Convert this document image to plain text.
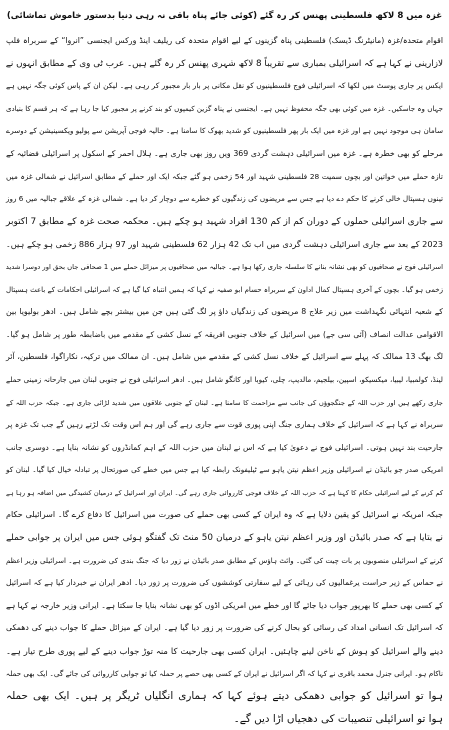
غزہ میں 8 لاکھ فلسطینی پھنس کر رہ گئے (کوئی جائے پناہ باقی نہ رہی دنیا بدستور خاموش تماشائی)
اقوام متحدہ/غزہ (مانیٹرنگ ڈیسک) فلسطینی پناہ گزینوں کے لیے اقوام متحدہ کی ریلیف اینڈ ورکس ایجنسی ”انروا“ کے سربراہ فلپ
لازارینی نے کہا ہے کہ اسرائیلی بمباری سے تقریباً 8 لاکھ شہری پھنس کر رہ گئے ہیں۔ عرب ٹی وی کے مطابق انہوں نے
ایکس پر جاری پوسٹ میں لکھا کہ اسرائیلی فوج فلسطینیوں کو نقل مکانی پر بار بار مجبور کر رہی ہے۔ لیکن ان کے پاس کوئی جگہ نہیں ہے
جہاں وہ جاسکیں۔ غزہ میں کوئی بھی جگہ محفوظ نہیں ہے۔ ایجنسی نے پناہ گزین کیمپوں کو بند کرنے پر مجبور کیا جا رہا ہے کہ ہر قسم کا بنیادی
سامان ہی موجود نہیں ہے اور غزہ میں ایک بار پھر فلسطینیوں کو شدید بھوک کا سامنا ہے۔ حالیہ فوجی آپریشن سے پولیو ویکسینیشن کے دوسرے
مرحلے کو بھی خطرہ ہے۔ غزہ میں اسرائیلی دہشت گردی 369 ویں روز بھی جاری ہے۔ ہلال احمر کے اسکول پر اسرائیلی فضائیہ کے
تازہ حملے میں خواتین اور بچوں سمیت 28 فلسطینی شہید اور 54 زخمی ہو گئے جبکہ ایک اور حملے کے مطابق اسرائیل نے شمالی غزہ میں
تینوں ہسپتال خالی کرنے کا حکم دے دیا ہے جس سے مریضوں کی زندگیوں کو خطرے سے دوچار کر دیا ہے۔ شمالی غزہ کے علاقے جبالیہ میں 6 روز
سے جاری اسرائیلی حملوں کے دوران کم از کم 130 افراد شہید ہو چکے ہیں۔ محکمہ صحت غزہ کے مطابق 7 اکتوبر
2023 کے بعد سے جاری اسرائیلی دہشت گردی میں اب تک 42 ہزار 62 فلسطینی شہید اور 97 ہزار 886 زخمی ہو چکے ہیں۔
اسرائیلی فوج نے صحافیوں کو بھی نشانہ بنانے کا سلسلہ جاری رکھا ہوا ہے۔ جبالیہ میں صحافیوں پر میزائل حملے میں 1 صحافی جاں بحق اور دوسرا شدید
زخمی ہو گیا۔ بچوں کے آخری ہسپتال کمال اداون کے سربراہ حسام ابو صفیہ نے کہا کہ ہمیں انتباہ کیا گیا ہے کہ اسرائیلی احکامات کے باعث ہسپتال
کے شعبہ انتہائی نگہداشت میں زیر علاج 8 مریضوں کی زندگیاں داؤ پر لگ گئی ہیں جن میں بیشتر بچے شامل ہیں۔ ادھر بولیویا بین
الاقوامی عدالت انصاف (آئی سی جے) میں اسرائیل کے خلاف جنوبی افریقہ کے نسل کشی کے مقدمے میں باضابطہ طور پر شامل ہو گیا۔
لگ بھگ 13 ممالک کہ پہلے سے اسرائیل کے خلاف نسل کشی کے مقدمے میں شامل ہیں۔ ان ممالک میں ترکیہ، نکاراگوا، فلسطین، آئر
لینڈ، کولمبیا، لیبیا، میکسیکو، اسپین، بیلجیم، مالدیپ، چلی، کیوبا اور کانگو شامل ہیں۔ ادھر اسرائیلی فوج نے جنوبی لبنان میں جارحانہ زمینی حملے
جاری رکھے ہیں اور حزب اللہ کے جنگجوؤں کی جانب سے مزاحمت کا سامنا ہے۔ لبنان کے جنوبی علاقوں میں شدید لڑائی جاری ہے۔ جبکہ حزب اللہ کے
سربراہ نے کہا ہے کہ اسرائیل کے خلاف ہماری جنگ اپنی پوری قوت سے جاری رہے گی اور ہم اس وقت تک لڑتے رہیں گے جب تک غزہ پر
جارحیت بند نہیں ہوتی۔ اسرائیلی فوج نے دعویٰ کیا ہے کہ اس نے لبنان میں حزب اللہ کے اہم کمانڈروں کو نشانہ بنایا ہے۔ دوسری جانب
امریکی صدر جو بائیڈن نے اسرائیلی وزیر اعظم نیتن یاہو سے ٹیلیفونک رابطہ کیا ہے جس میں خطے کی صورتحال پر تبادلہ خیال کیا گیا۔ لبنان کو
کم کرنے کے لیے اسرائیلی حکام کا کہنا ہے کہ حزب اللہ کے خلاف فوجی کارروائی جاری رہے گی۔ ایران اور اسرائیل کے درمیان کشیدگی میں اضافہ ہو رہا ہے
جبکہ امریکہ نے اسرائیل کو یقین دلایا ہے کہ وہ ایران کے کسی بھی حملے کی صورت میں اسرائیل کا دفاع کرے گا۔ اسرائیلی حکام
نے بتایا ہے کہ صدر بائیڈن اور وزیر اعظم نیتن یاہو کے درمیان 50 منٹ تک گفتگو ہوئی جس میں ایران پر جوابی حملے
کرنے کے اسرائیلی منصوبوں پر بات چیت کی گئی۔ وائٹ ہاؤس کے مطابق صدر بائیڈن نے زور دیا کہ جنگ بندی کی ضرورت ہے۔ اسرائیلی وزیر اعظم
نے حماس کے زیر حراست یرغمالیوں کی رہائی کے لیے سفارتی کوششوں کی ضرورت پر زور دیا۔ ادھر ایران نے خبردار کیا ہے کہ اسرائیل
کے کسی بھی حملے کا بھرپور جواب دیا جائے گا اور خطے میں امریکی اڈوں کو بھی نشانہ بنایا جا سکتا ہے۔ ایرانی وزیر خارجہ نے کہا ہے
کہ اسرائیل تک انسانی امداد کی رسائی کو بحال کرنے کی ضرورت پر زور دیا گیا ہے۔ ایران کے میزائل حملے کا جواب دینے کی دھمکی
دینے والے اسرائیل کو ہوش کے ناخن لینے چاہئیں۔ ایران کسی بھی جارحیت کا منہ توڑ جواب دینے کے لیے پوری طرح تیار ہے۔
ناکام ہو۔ ایرانی جنرل محمد باقری نے کہا کہ اگر اسرائیل نے ایران کے کسی بھی حصے پر حملہ کیا تو جوابی کارروائی کی جائے گی۔ ایک بھی حملہ
ہوا تو اسرائیل کو جوابی دھمکی دیتے ہوئے کہا کہ ہماری انگلیاں ٹریگر پر ہیں۔ ایک بھی حملہ
ہوا تو اسرائیلی تنصیبات کی دھجیاں اڑا دیں گے۔
